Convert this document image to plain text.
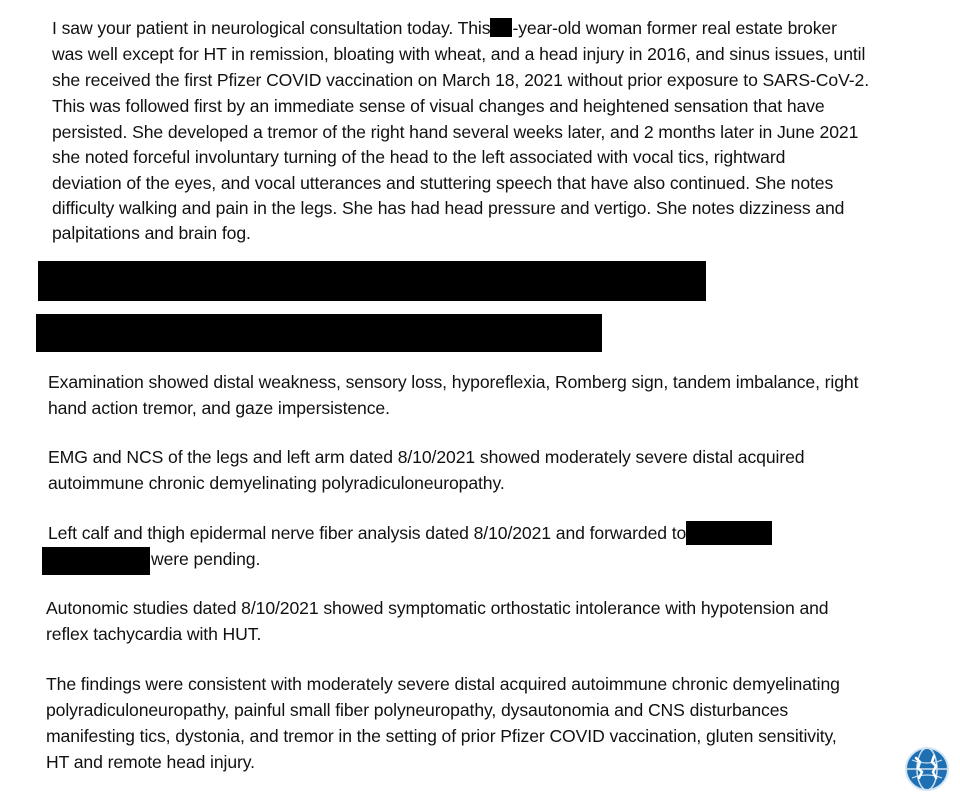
I saw your patient in neurological consultation today. This -year-old woman former real estate broker
was well except for HT in remission, bloating with wheat, and a head injury in 2016, and sinus issues, until
she received the first Pfizer COVID vaccination on March 18, 2021 without prior exposure to SARS-CoV-2.
This was followed first by an immediate sense of visual changes and heightened sensation that have
persisted. She developed a tremor of the right hand several weeks later, and 2 months later in June 2021
she noted forceful involuntary turning of the head to the left associated with vocal tics, rightward
deviation of the eyes, and vocal utterances and stuttering speech that have also continued. She notes
difficulty walking and pain in the legs. She has had head pressure and vertigo. She notes dizziness and
palpitations and brain fog.
Examination showed distal weakness, sensory loss, hyporeflexia, Romberg sign, tandem imbalance, right
hand action tremor, and gaze impersistence.
EMG and NCS of the legs and left arm dated 8/10/2021 showed moderately severe distal acquired
autoimmune chronic demyelinating polyradiculoneuropathy.
Left calf and thigh epidermal nerve fiber analysis dated 8/10/2021 and forwarded to
were pending.
Autonomic studies dated 8/10/2021 showed symptomatic orthostatic intolerance with hypotension and
reflex tachycardia with HUT.
The findings were consistent with moderately severe distal acquired autoimmune chronic demyelinating
polyradiculoneuropathy, painful small fiber polyneuropathy, dysautonomia and CNS disturbances
manifesting tics, dystonia, and tremor in the setting of prior Pfizer COVID vaccination, gluten sensitivity,
HT and remote head injury.
